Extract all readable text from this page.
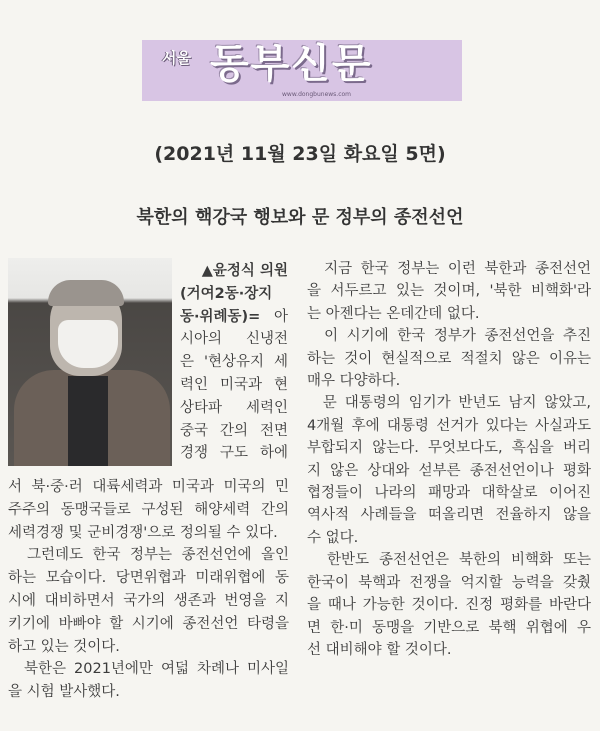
서울 동부신문
www.dongbunews.com
(2021년 11월 23일 화요일 5면)
북한의 핵강국 행보와 문 정부의 종전선언
▲윤정식 의원
(거여2동·장지
동·위례동)= 아
시아의 신냉전
은 '현상유지 세
력인 미국과 현
상타파 세력인
중국 간의 전면
경쟁 구도 하에
서 북·중·러 대륙세력과 미국과 미국의 민
주주의 동맹국들로 구성된 해양세력 간의
세력경쟁 및 군비경쟁'으로 정의될 수 있다.
그런데도 한국 정부는 종전선언에 올인
하는 모습이다. 당면위협과 미래위협에 동
시에 대비하면서 국가의 생존과 번영을 지
키기에 바빠야 할 시기에 종전선언 타령을
하고 있는 것이다.
북한은 2021년에만 여덟 차례나 미사일
을 시험 발사했다.
지금 한국 정부는 이런 북한과 종전선언
을 서두르고 있는 것이며, '북한 비핵화'라
는 아젠다는 온데간데 없다.
이 시기에 한국 정부가 종전선언을 추진
하는 것이 현실적으로 적절치 않은 이유는
매우 다양하다.
문 대통령의 임기가 반년도 남지 않았고,
4개월 후에 대통령 선거가 있다는 사실과도
부합되지 않는다. 무엇보다도, 흑심을 버리
지 않은 상대와 섣부른 종전선언이나 평화
협정들이 나라의 패망과 대학살로 이어진
역사적 사례들을 떠올리면 전율하지 않을
수 없다.
한반도 종전선언은 북한의 비핵화 또는
한국이 북핵과 전쟁을 억지할 능력을 갖췄
을 때나 가능한 것이다. 진정 평화를 바란다
면 한·미 동맹을 기반으로 북핵 위협에 우
선 대비해야 할 것이다.
